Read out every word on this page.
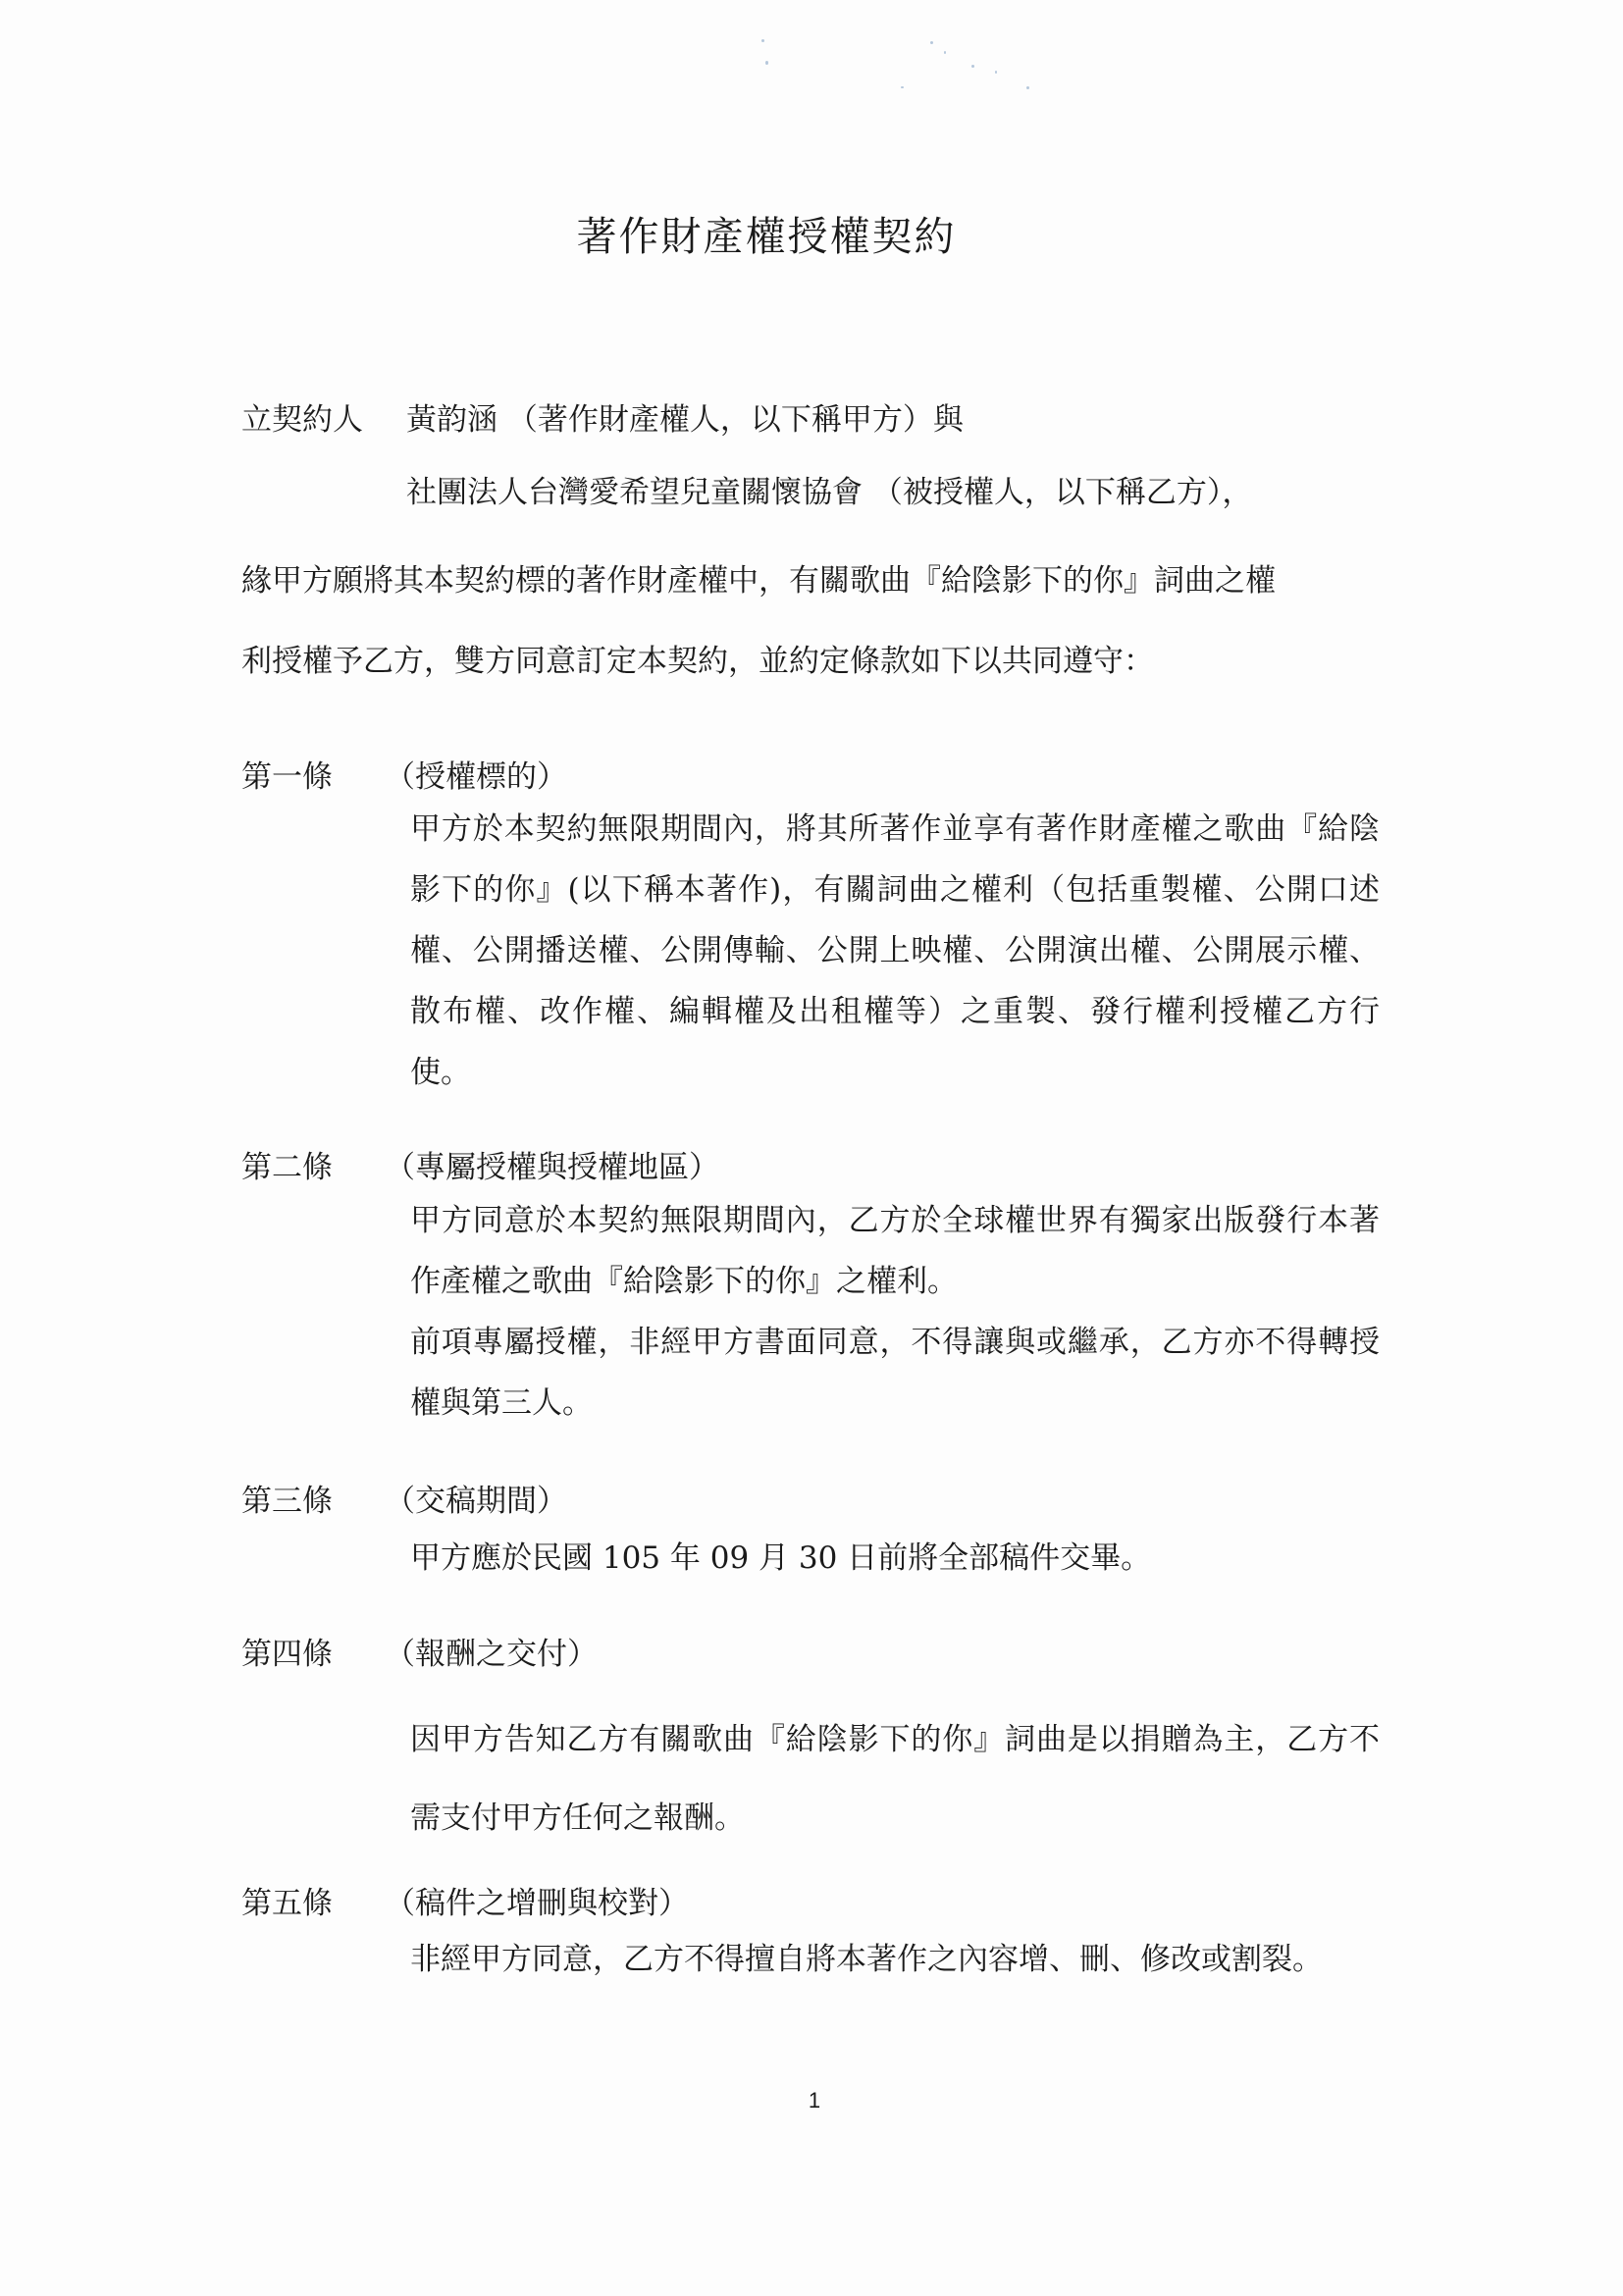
著作財產權授權契約
立契約人 黃韵涵 （著作財產權人，以下稱甲方）與
社團法人台灣愛希望兒童關懷協會 （被授權人，以下稱乙方），
緣甲方願將其本契約標的著作財產權中，有關歌曲『給陰影下的你』詞曲之權
利授權予乙方，雙方同意訂定本契約，並約定條款如下以共同遵守：
第一條 （授權標的）

甲方於本契約無限期間內，將其所著作並享有著作財產權之歌曲『給陰影下的你』(以下稱本著作)，有關詞曲之權利（包括重製權、公開口述權、公開播送權、公開傳輸、公開上映權、公開演出權、公開展示權、散布權、改作權、編輯權及出租權等）之重製、發行權利授權乙方行使。

第二條 （專屬授權與授權地區）

甲方同意於本契約無限期間內，乙方於全球權世界有獨家出版發行本著作產權之歌曲『給陰影下的你』之權利。

前項專屬授權，非經甲方書面同意，不得讓與或繼承，乙方亦不得轉授權與第三人。

第三條 （交稿期間）

甲方應於民國 105 年 09 月 30 日前將全部稿件交畢。

第四條 （報酬之交付）

因甲方告知乙方有關歌曲『給陰影下的你』詞曲是以捐贈為主，乙方不需支付甲方任何之報酬。

第五條 （稿件之增刪與校對）

非經甲方同意，乙方不得擅自將本著作之內容增、刪、修改或割裂。

1
